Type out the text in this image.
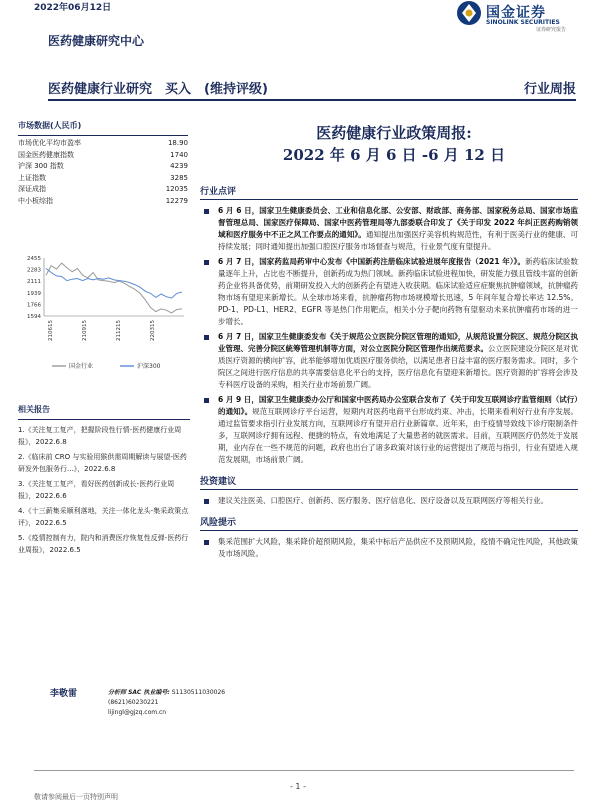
2022年06月12日	国金证券
SINOLINK SECURITIES
证券研究报告
医药健康研究中心
医药健康行业研究　买入　(维持评级)	行业周报
市场数据(人民币)
市场优化平均市盈率	18.90
国金医药健康指数	1740
沪深 300 指数	4239
上证指数	3285
深证成指	12035
中小板综指	12279
2455
2283
2111
1939
1766
1594
210615	210915	211215	220315
国金行业	沪深300
相关报告
1.《关注复工复产，把握阶段性行情-医药健康行业周报》，2022.6.8
2.《临床前 CRO 与实验用猴供需周期解读与展望-医药研发外包服务行...》，2022.6.8
3.《关注复工复产，看好医药创新成长-医药行业周报》，2022.6.6
4.《十三薪集采顺利落地，关注一体化龙头-集采政策点评》，2022.6.5
5.《疫情控制有力，院内和消费医疗恢复性反弹-医药行业周报》，2022.6.5
李敬雷	分析师 SAC 执业编号: S1130511030026
(8621)60230221
lijingl@gjzq.com.cn
医药健康行业政策周报:
2022 年 6 月 6 日 -6 月 12 日
行业点评
6 月 6 日，国家卫生健康委员会、工业和信息化部、公安部、财政部、商务部、国家税务总局、国家市场监督管理总局、国家医疗保障局、国家中医药管理局等九部委联合印发了《关于印发 2022 年纠正医药购销领域和医疗服务中不正之风工作要点的通知》。通知提出加强医疗美容机构规范性，有利于医美行业的健康、可持续发展；同时通知提出加强口腔医疗服务市场督查与规范，行业景气度有望提升。
6 月 7 日，国家药监局药审中心发布《中国新药注册临床试验进展年度报告（2021 年）》。新药临床试验数量逐年上升，占比也不断提升，创新药成为热门领域。新药临床试验进程加快，研发能力强且管线丰富的创新药企业将具备优势，前期研发投入大的创新药企有望进入收获期。临床试验适应症聚焦抗肿瘤领域，抗肿瘤药物市场有望迎来新增长。从全球市场来看，抗肿瘤药物市场规模增长迅速，5 年间年复合增长率达 12.5%。PD-1、PD-L1、HER2、EGFR 等是热门作用靶点，相关小分子靶向药物有望驱动未来抗肿瘤药市场的进一步增长。
6 月 7 日，国家卫生健康委发布《关于规范公立医院分院区管理的通知》，从规范设置分院区、规范分院区执业管理、完善分院区統筹管理机制等方面，对公立医院分院区管理作出规范要求。公立医院建设分院区是对优质医疗资源的横向扩容，此举能够增加优质医疗服务供给，以满足患者日益丰富的医疗服务需求。同时，多个院区之间进行医疗信息的共享需要信息化平台的支持，医疗信息化有望迎来新增长。医疗资源的扩容将会涉及专科医疗设备的采购，相关行业市场前景广阔。
6 月 9 日，国家卫生健康委办公厅和国家中医药局办公室联合发布了《关于印发互联网诊疗监管细则（试行）的通知》。规范互联网诊疗平台运营，短期内对医药电商平台形成约束、冲击，长期来看利好行业有序发展。通过监管要求指引行业发展方向，互联网诊疗有望开启行业新篇章。近年来，由于疫情导致线下诊疗限制条件多，互联网诊疗拥有远程、便捷的特点，有效地满足了大量患者的就医需求。目前，互联网医疗仍然处于发展期，业内存在一些不规范的问题，政府也出台了诸多政策对该行业的运营提出了规范与指引，行业有望进入规范发展期，市场前景广阔。
投资建议
建议关注医美、口腔医疗、创新药、医疗服务、医疗信息化、医疗设备以及互联网医疗等相关行业。
风险提示
集采范围扩大风险，集采降价超预期风险，集采中标后产品供应不及预期风险，疫情不确定性风险，其他政策及市场风险。
- 1 -
敬请参阅最后一页特别声明
